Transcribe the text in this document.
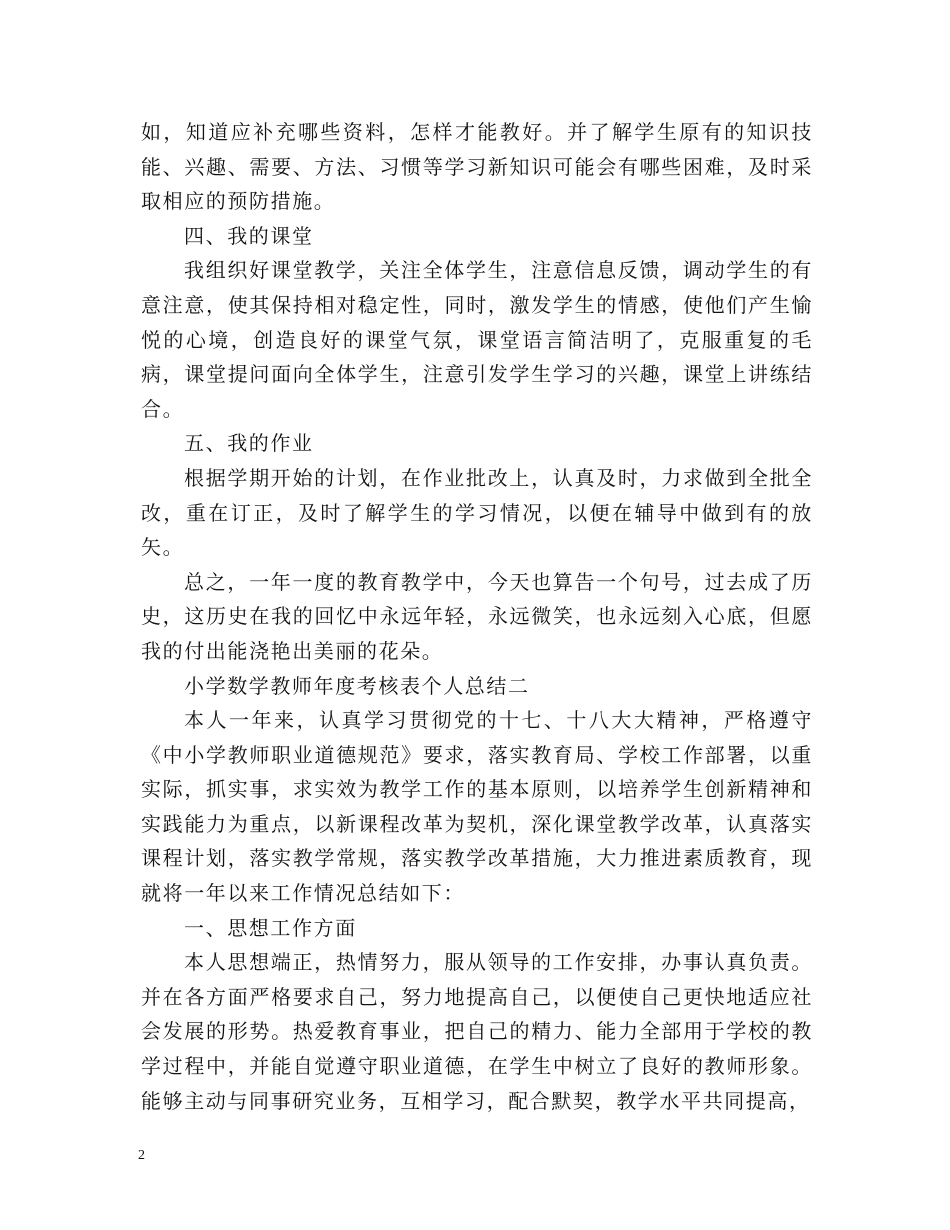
如，知道应补充哪些资料，怎样才能教好。并了解学生原有的知识技能、兴趣、需要、方法、习惯等学习新知识可能会有哪些困难，及时采取相应的预防措施。

四、我的课堂

我组织好课堂教学，关注全体学生，注意信息反馈，调动学生的有意注意，使其保持相对稳定性，同时，激发学生的情感，使他们产生愉悦的心境，创造良好的课堂气氛，课堂语言简洁明了，克服重复的毛病，课堂提问面向全体学生，注意引发学生学习的兴趣，课堂上讲练结合。

五、我的作业

根据学期开始的计划，在作业批改上，认真及时，力求做到全批全改，重在订正，及时了解学生的学习情况，以便在辅导中做到有的放矢。

总之，一年一度的教育教学中，今天也算告一个句号，过去成了历史，这历史在我的回忆中永远年轻，永远微笑，也永远刻入心底，但愿我的付出能浇艳出美丽的花朵。

小学数学教师年度考核表个人总结二

本人一年来，认真学习贯彻党的十七、十八大大精神，严格遵守《中小学教师职业道德规范》要求，落实教育局、学校工作部署，以重实际，抓实事，求实效为教学工作的基本原则，以培养学生创新精神和实践能力为重点，以新课程改革为契机，深化课堂教学改革，认真落实课程计划，落实教学常规，落实教学改革措施，大力推进素质教育，现就将一年以来工作情况总结如下：

一、思想工作方面

本人思想端正，热情努力，服从领导的工作安排，办事认真负责。并在各方面严格要求自己，努力地提高自己，以便使自己更快地适应社会发展的形势。热爱教育事业，把自己的精力、能力全部用于学校的教学过程中，并能自觉遵守职业道德，在学生中树立了良好的教师形象。能够主动与同事研究业务，互相学习，配合默契，教学水平共同提高，

2
